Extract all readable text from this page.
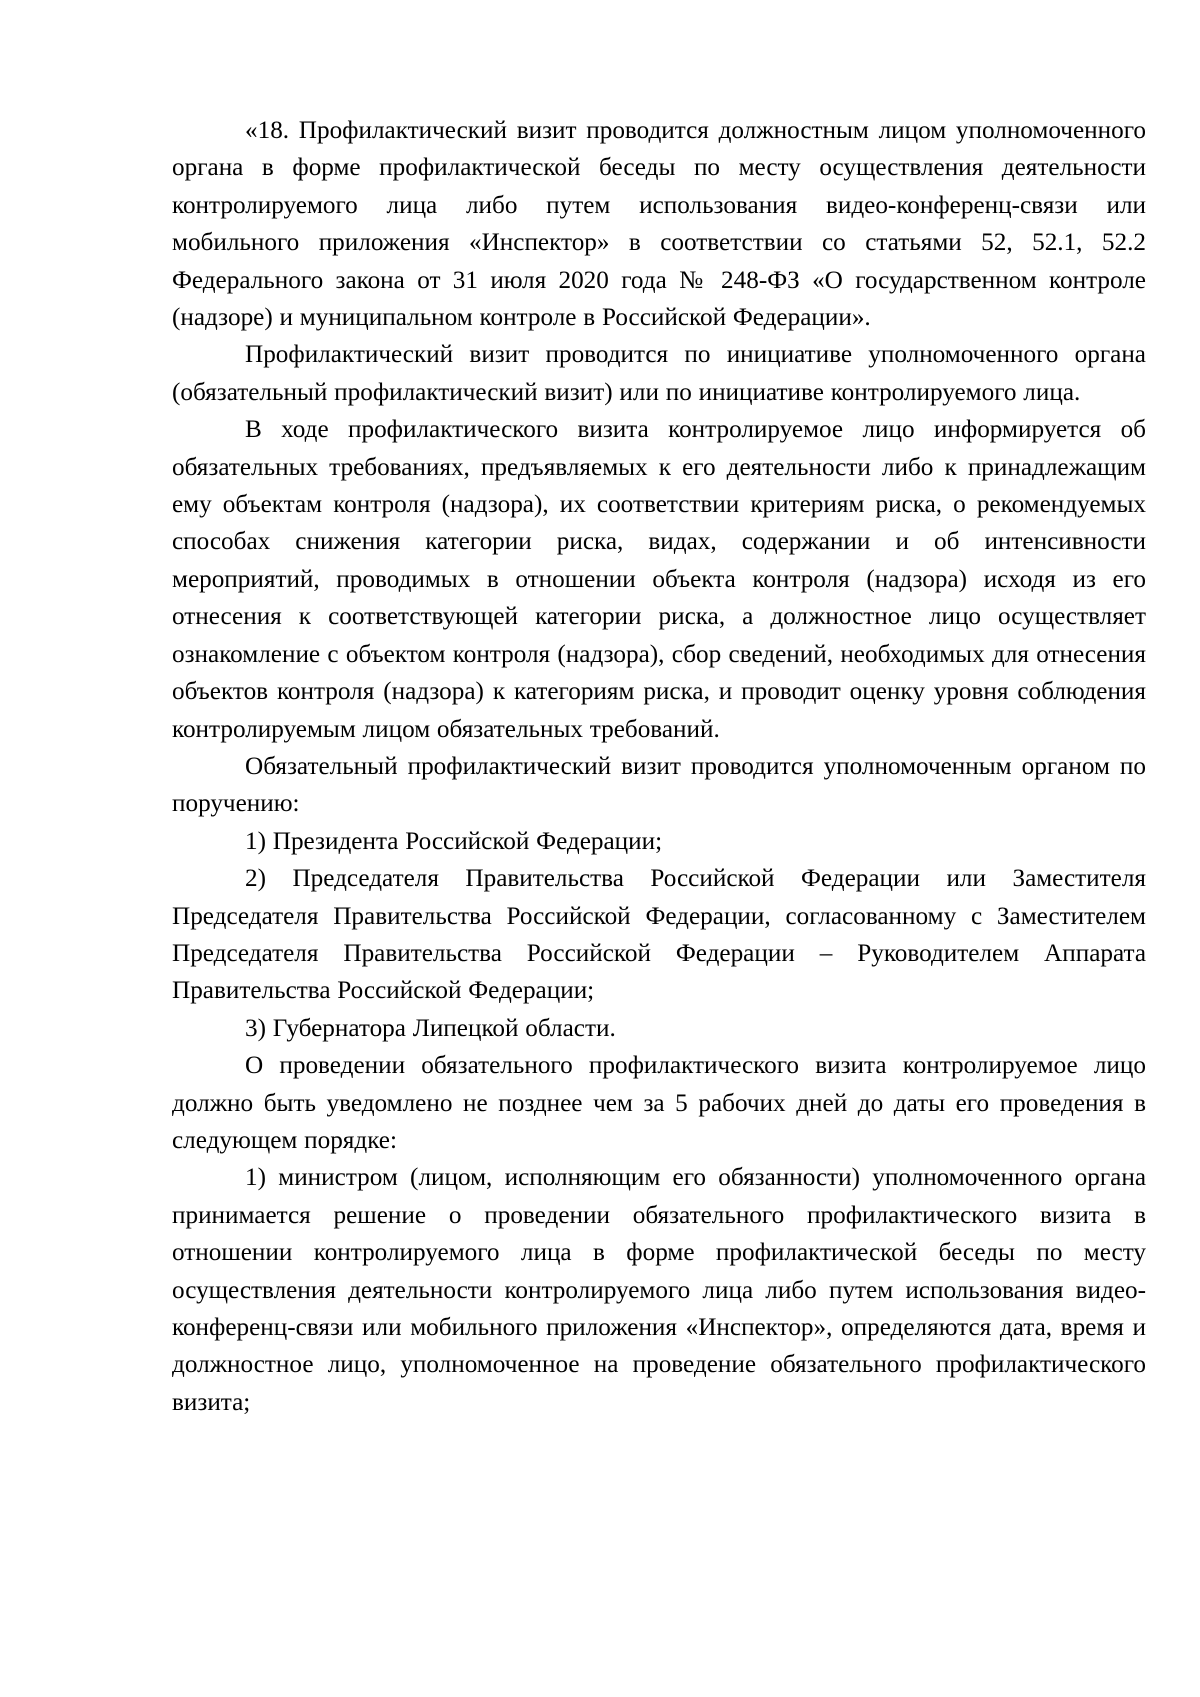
«18. Профилактический визит проводится должностным лицом уполномоченного органа в форме профилактической беседы по месту осуществления деятельности контролируемого лица либо путем использования видео-конференц-связи или мобильного приложения «Инспектор» в соответствии со статьями 52, 52.1, 52.2 Федерального закона от 31 июля 2020 года № 248-ФЗ «О государственном контроле (надзоре) и муниципальном контроле в Российской Федерации».

Профилактический визит проводится по инициативе уполномоченного органа (обязательный профилактический визит) или по инициативе контролируемого лица.

В ходе профилактического визита контролируемое лицо информируется об обязательных требованиях, предъявляемых к его деятельности либо к принадлежащим ему объектам контроля (надзора), их соответствии критериям риска, о рекомендуемых способах снижения категории риска, видах, содержании и об интенсивности мероприятий, проводимых в отношении объекта контроля (надзора) исходя из его отнесения к соответствующей категории риска, а должностное лицо осуществляет ознакомление с объектом контроля (надзора), сбор сведений, необходимых для отнесения объектов контроля (надзора) к категориям риска, и проводит оценку уровня соблюдения контролируемым лицом обязательных требований.

Обязательный профилактический визит проводится уполномоченным органом по поручению:

1) Президента Российской Федерации;

2) Председателя Правительства Российской Федерации или Заместителя Председателя Правительства Российской Федерации, согласованному с Заместителем Председателя Правительства Российской Федерации – Руководителем Аппарата Правительства Российской Федерации;

3) Губернатора Липецкой области.

О проведении обязательного профилактического визита контролируемое лицо должно быть уведомлено не позднее чем за 5 рабочих дней до даты его проведения в следующем порядке:

1) министром (лицом, исполняющим его обязанности) уполномоченного органа принимается решение о проведении обязательного профилактического визита в отношении контролируемого лица в форме профилактической беседы по месту осуществления деятельности контролируемого лица либо путем использования видео-конференц-связи или мобильного приложения «Инспектор», определяются дата, время и должностное лицо, уполномоченное на проведение обязательного профилактического визита;
